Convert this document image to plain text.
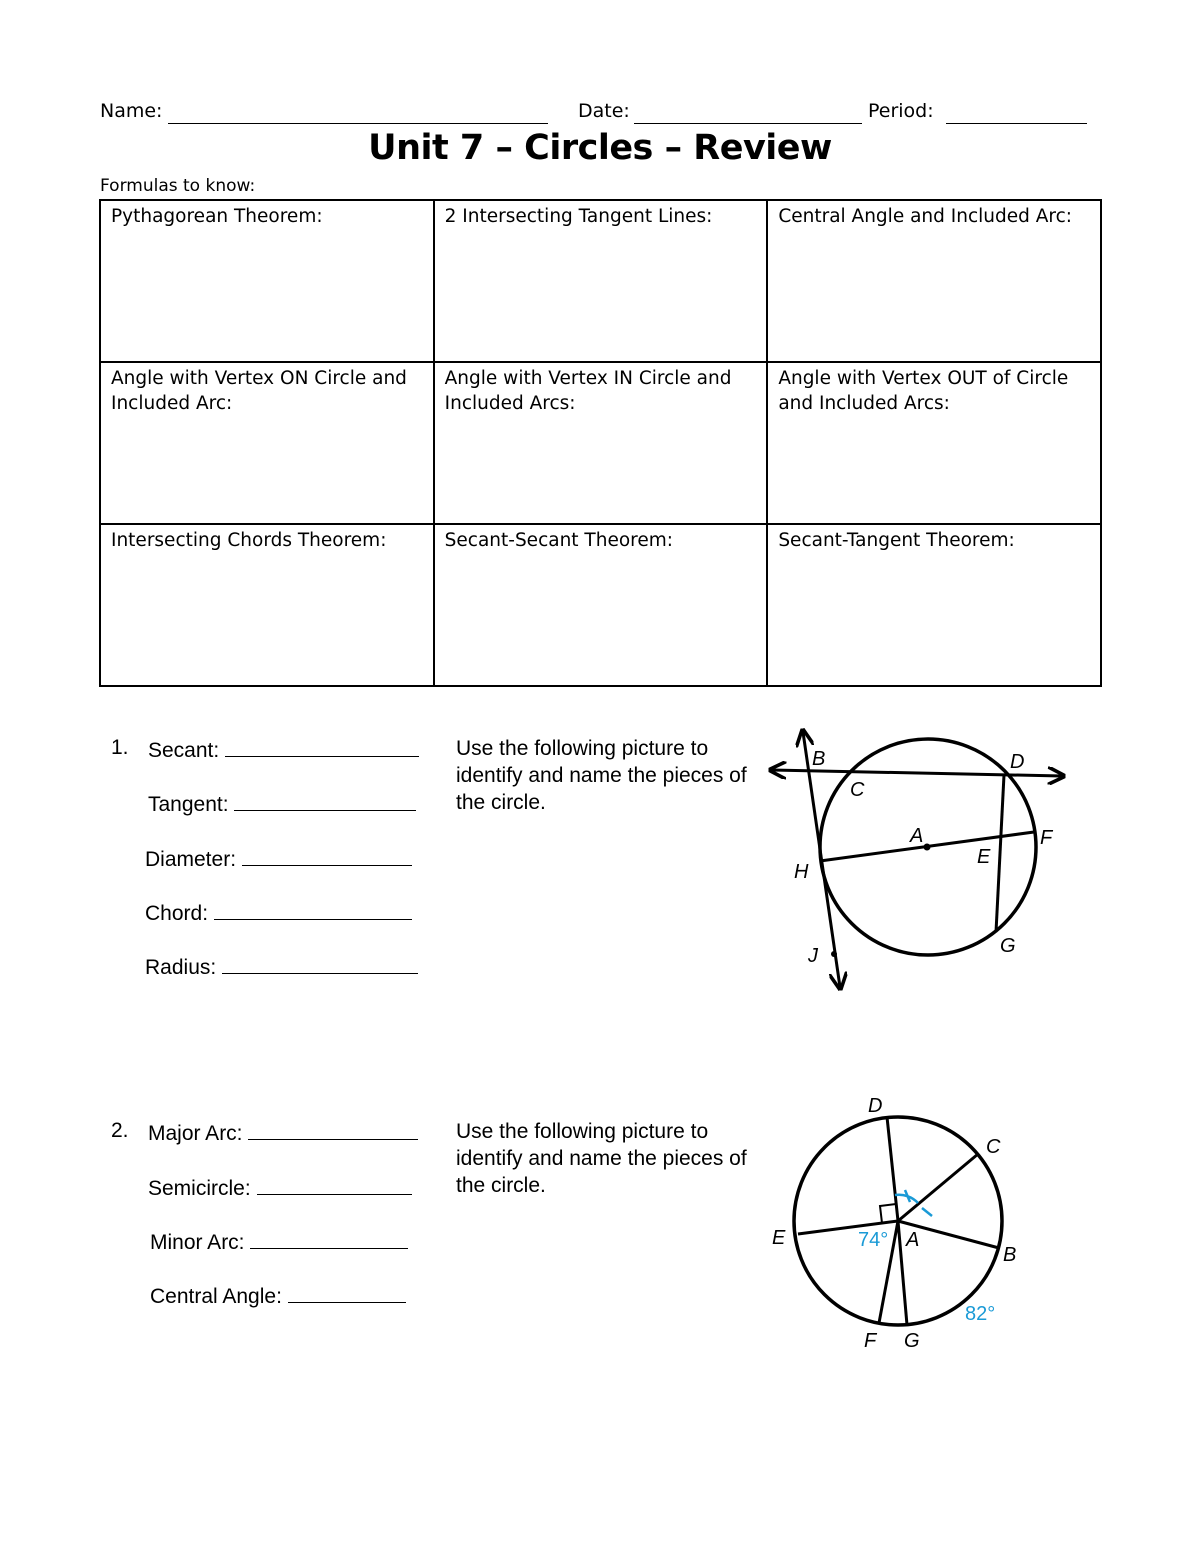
Name:	Date:	Period:
Unit 7 – Circles – Review
Formulas to know:
Pythagorean Theorem:	2 Intersecting Tangent Lines:	Central Angle and Included Arc:
Angle with Vertex ON Circle and Included Arc:	Angle with Vertex IN Circle and Included Arcs:	Angle with Vertex OUT of Circle and Included Arcs:
Intersecting Chords Theorem:	Secant-Secant Theorem:	Secant-Tangent Theorem:
1. Secant:
Tangent:
Diameter:
Chord:
Radius:
Use the following picture to identify and name the pieces of the circle.
B	D
C
A	F
E
H
J	G
2. Major Arc:
Semicircle:
Minor Arc:
Central Angle:
Use the following picture to identify and name the pieces of the circle.
D
C
E	A
B
F G
74°
82°
